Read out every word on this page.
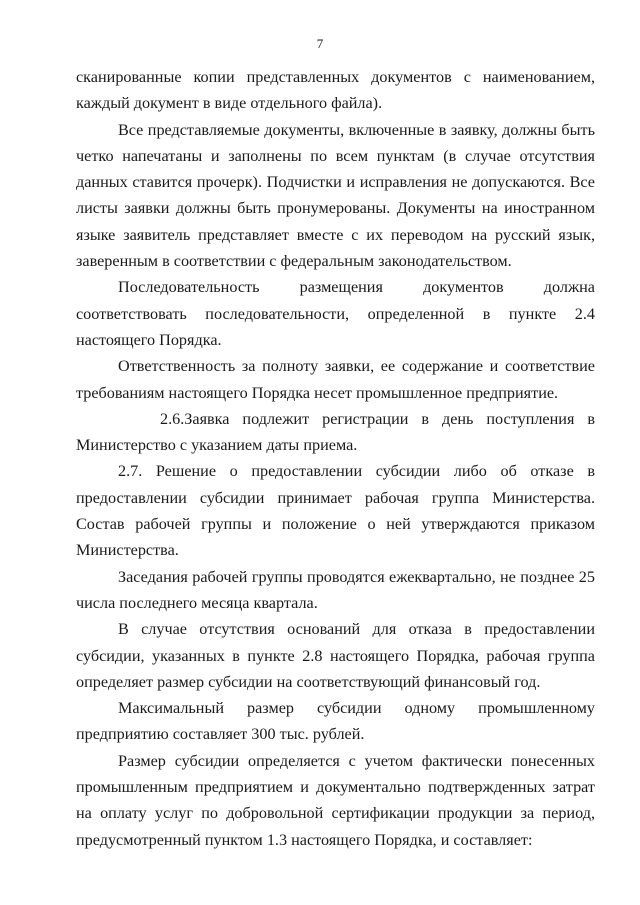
7

сканированные копии представленных документов с наименованием, каждый документ в виде отдельного файла).

Все представляемые документы, включенные в заявку, должны быть четко напечатаны и заполнены по всем пунктам (в случае отсутствия данных ставится прочерк). Подчистки и исправления не допускаются. Все листы заявки должны быть пронумерованы. Документы на иностранном языке заявитель представляет вместе с их переводом на русский язык, заверенным в соответствии с федеральным законодательством.

Последовательность размещения документов должна соответствовать последовательности, определенной в пункте 2.4 настоящего Порядка.

Ответственность за полноту заявки, ее содержание и соответствие требованиям настоящего Порядка несет промышленное предприятие.

2.6.Заявка подлежит регистрации в день поступления в Министерство с указанием даты приема.

2.7. Решение о предоставлении субсидии либо об отказе в предоставлении субсидии принимает рабочая группа Министерства. Состав рабочей группы и положение о ней утверждаются приказом Министерства.

Заседания рабочей группы проводятся ежеквартально, не позднее 25 числа последнего месяца квартала.

В случае отсутствия оснований для отказа в предоставлении субсидии, указанных в пункте 2.8 настоящего Порядка, рабочая группа определяет размер субсидии на соответствующий финансовый год.

Максимальный размер субсидии одному промышленному предприятию составляет 300 тыс. рублей.

Размер субсидии определяется с учетом фактически понесенных промышленным предприятием и документально подтвержденных затрат на оплату услуг по добровольной сертификации продукции за период, предусмотренный пунктом 1.3 настоящего Порядка, и составляет:
